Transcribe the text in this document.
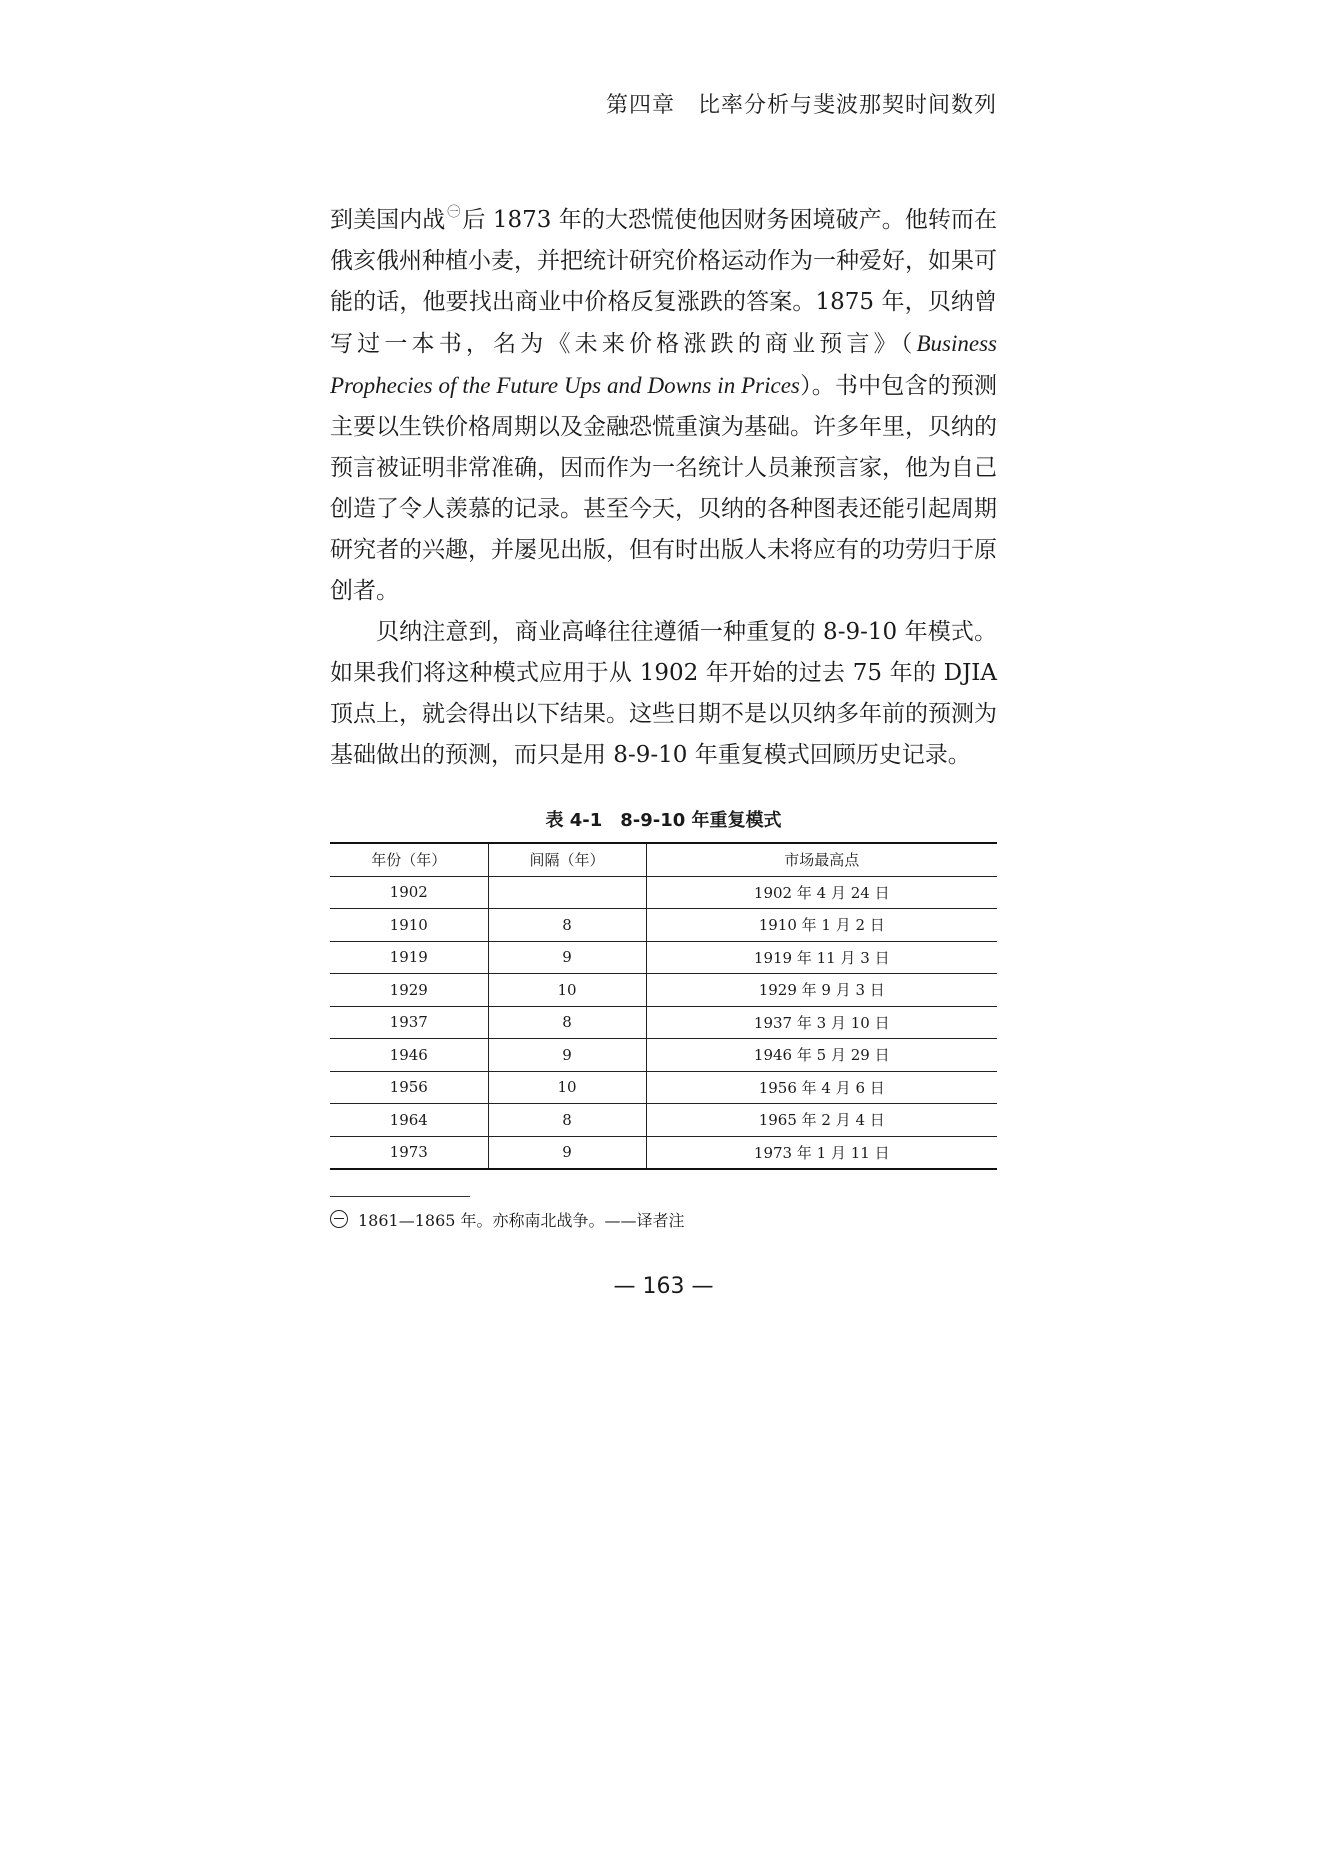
第四章　比率分析与斐波那契时间数列

到美国内战 ㊀后 1873 年的大恐慌使他因财务困境破产。他转而在俄亥俄州种植小麦，并把统计研究价格运动作为一种爱好，如果可能的话，他要找出商业中价格反复涨跌的答案。1875 年，贝纳曾写过一本书，名为《未来价格涨跌的商业预言》（Business Prophecies of the Future Ups and Downs in Prices）。书中包含的预测主要以生铁价格周期以及金融恐慌重演为基础。许多年里，贝纳的预言被证明非常准确，因而作为一名统计人员兼预言家，他为自己创造了令人羡慕的记录。甚至今天，贝纳的各种图表还能引起周期研究者的兴趣，并屡见出版，但有时出版人未将应有的功劳归于原创者。

贝纳注意到，商业高峰往往遵循一种重复的 8-9-10 年模式。如果我们将这种模式应用于从 1902 年开始的过去 75 年的 DJIA 顶点上，就会得出以下结果。这些日期不是以贝纳多年前的预测为基础做出的预测，而只是用 8-9-10 年重复模式回顾历史记录。

表 4-1　8-9-10 年重复模式
年份（年）	间隔（年）	市场最高点
1902		1902 年 4 月 24 日
1910	8	1910 年 1 月 2 日
1919	9	1919 年 11 月 3 日
1929	10	1929 年 9 月 3 日
1937	8	1937 年 3 月 10 日
1946	9	1946 年 5 月 29 日
1956	10	1956 年 4 月 6 日
1964	8	1965 年 2 月 4 日
1973	9	1973 年 1 月 11 日
1861—1865 年。亦称南北战争。——译者注
— 163 —
